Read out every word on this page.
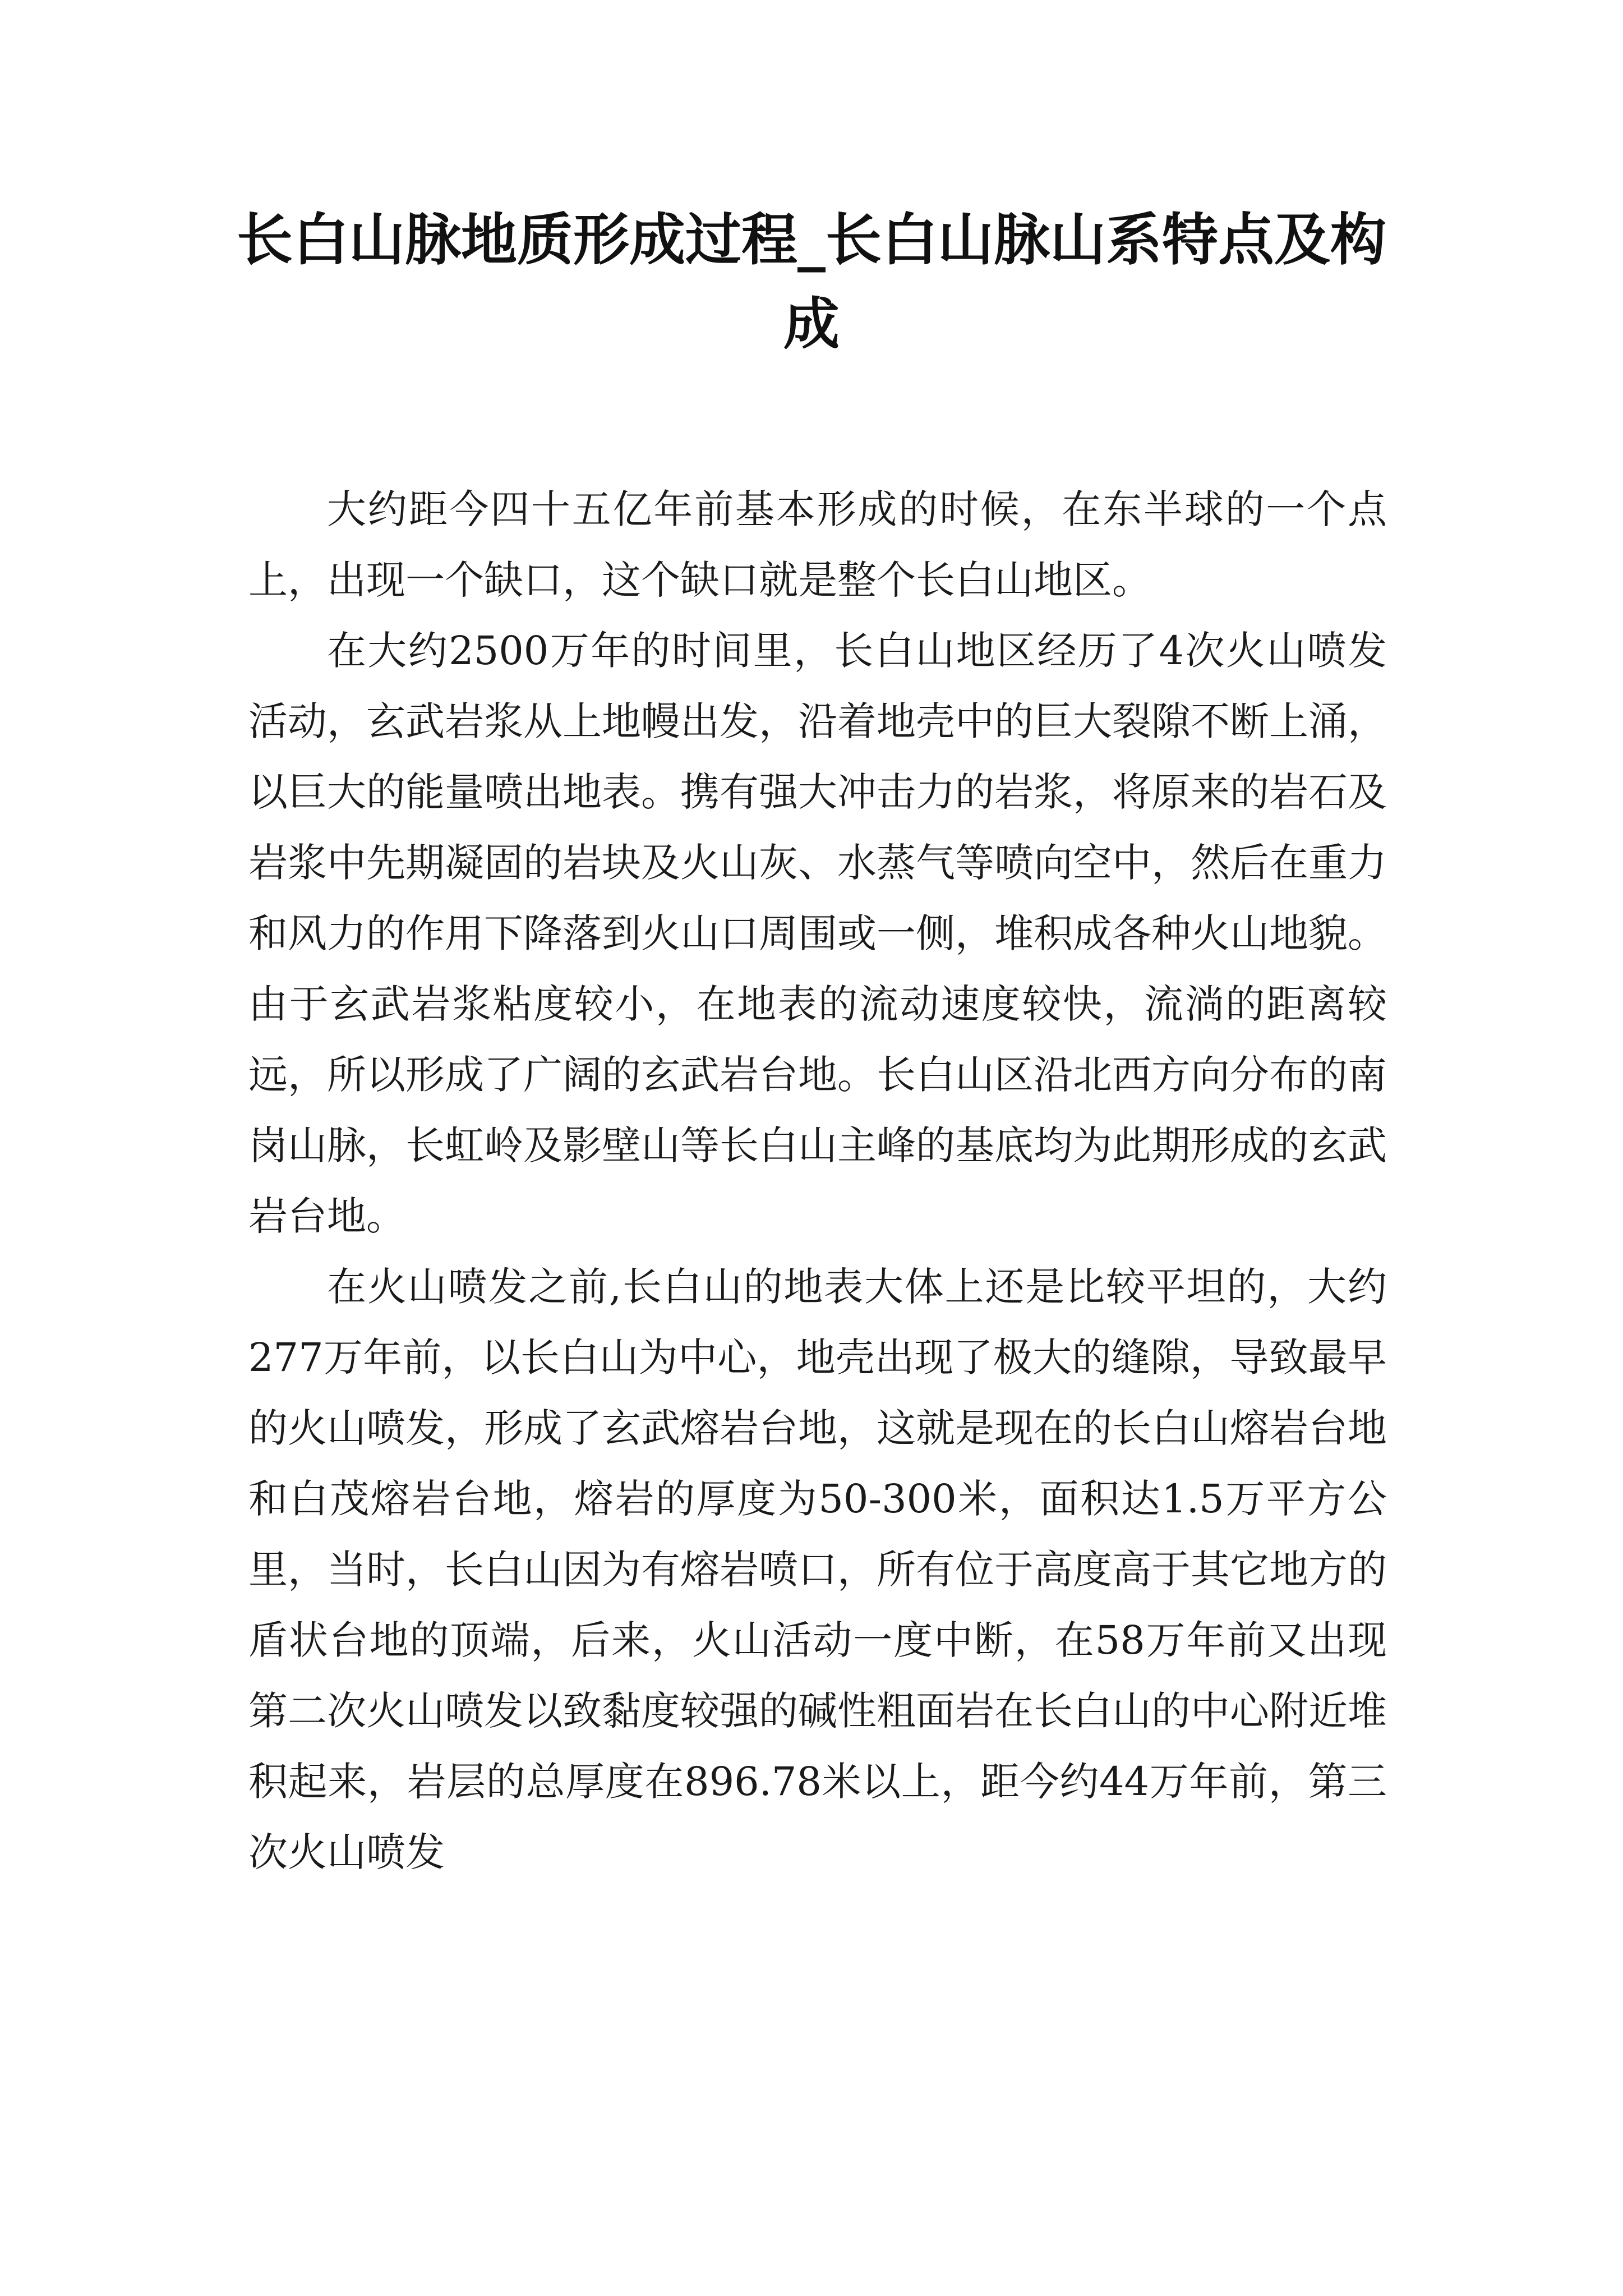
长白山脉地质形成过程_长白山脉山系特点及构成

大约距今四十五亿年前基本形成的时候，在东半球的一个点上，出现一个缺口，这个缺口就是整个长白山地区。

在大约2500万年的时间里，长白山地区经历了4次火山喷发活动，玄武岩浆从上地幔出发，沿着地壳中的巨大裂隙不断上涌，以巨大的能量喷出地表。携有强大冲击力的岩浆，将原来的岩石及岩浆中先期凝固的岩块及火山灰、水蒸气等喷向空中，然后在重力和风力的作用下降落到火山口周围或一侧，堆积成各种火山地貌。由于玄武岩浆粘度较小，在地表的流动速度较快，流淌的距离较远，所以形成了广阔的玄武岩台地。长白山区沿北西方向分布的南岗山脉，长虹岭及影壁山等长白山主峰的基底均为此期形成的玄武岩台地。

在火山喷发之前,长白山的地表大体上还是比较平坦的，大约277万年前，以长白山为中心，地壳出现了极大的缝隙，导致最早的火山喷发，形成了玄武熔岩台地，这就是现在的长白山熔岩台地和白茂熔岩台地，熔岩的厚度为50-300米，面积达1.5万平方公里，当时，长白山因为有熔岩喷口，所有位于高度高于其它地方的盾状台地的顶端，后来，火山活动一度中断，在58万年前又出现第二次火山喷发以致黏度较强的碱性粗面岩在长白山的中心附近堆积起来，岩层的总厚度在896.78米以上，距今约44万年前，第三次火山喷发
